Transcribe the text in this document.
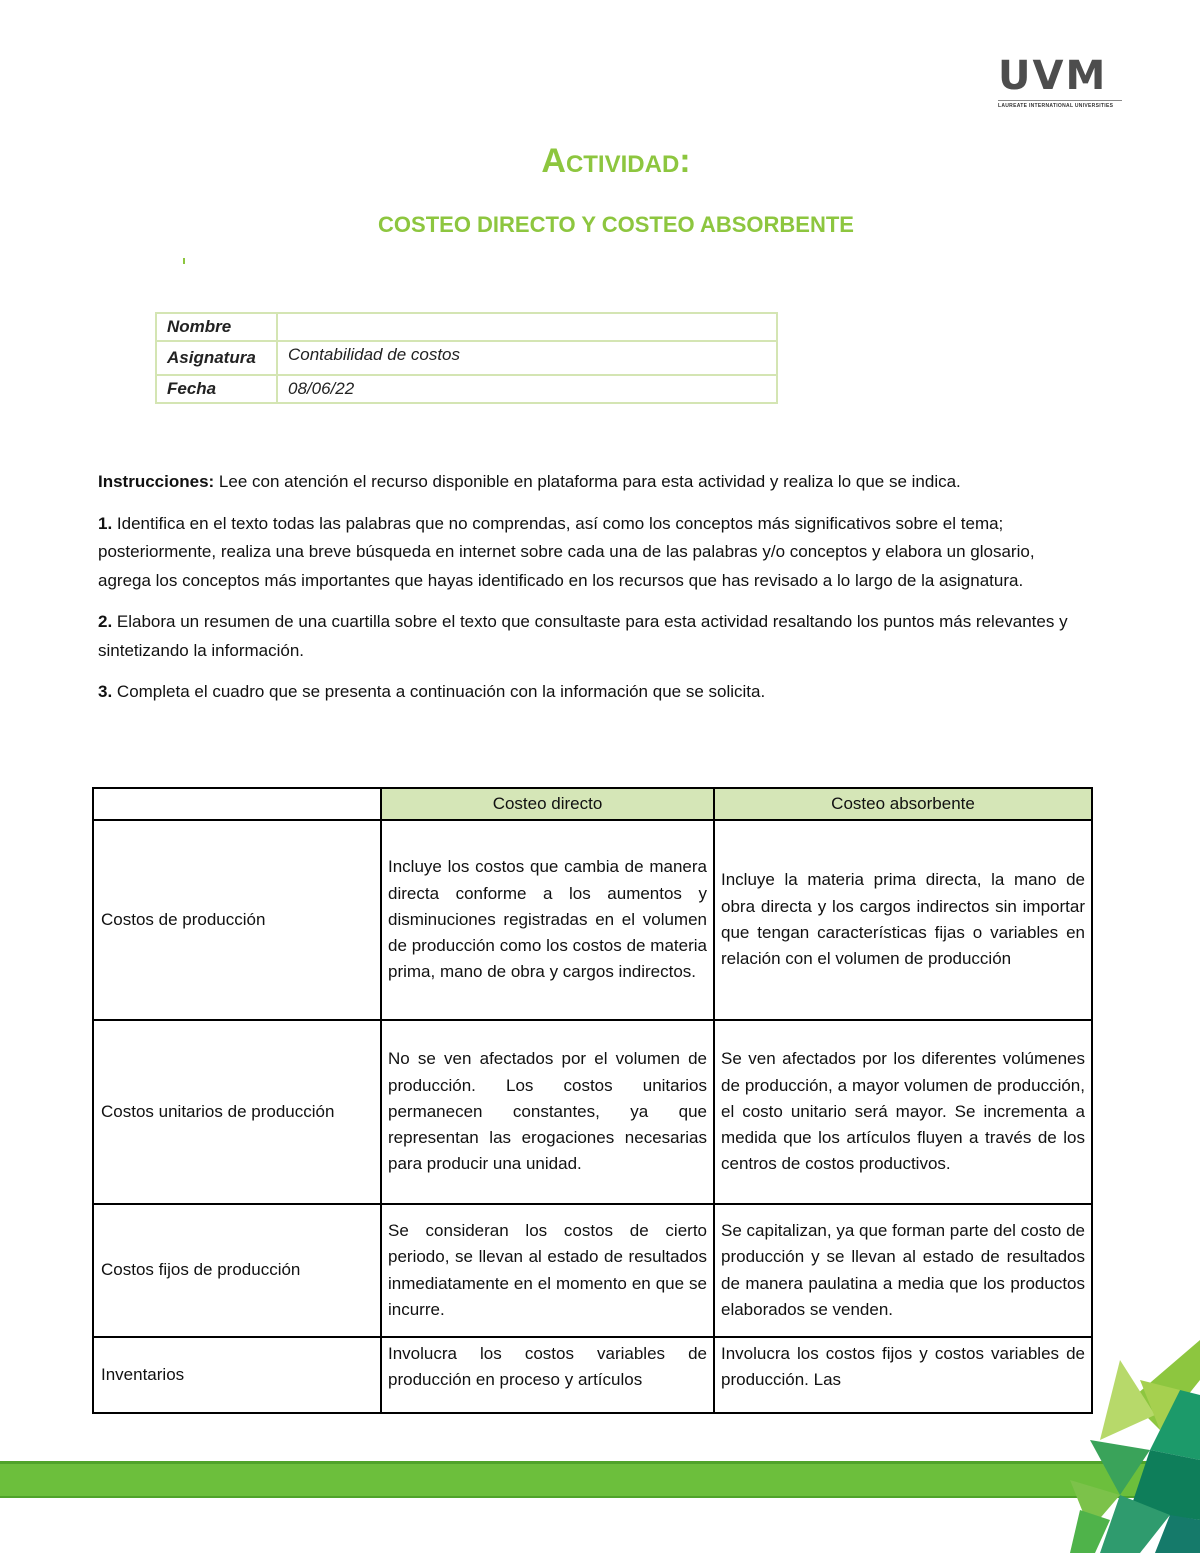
UVM
LAUREATE INTERNATIONAL UNIVERSITIES
Actividad:
COSTEO DIRECTO Y COSTEO ABSORBENTE
Nombre	
Asignatura	Contabilidad de costos
Fecha	08/06/22

Instrucciones: Lee con atención el recurso disponible en plataforma para esta actividad y realiza lo que se indica.

1. Identifica en el texto todas las palabras que no comprendas, así como los conceptos más significativos sobre el tema; posteriormente, realiza una breve búsqueda en internet sobre cada una de las palabras y/o conceptos y elabora un glosario, agrega los conceptos más importantes que hayas identificado en los recursos que has revisado a lo largo de la asignatura.

2. Elabora un resumen de una cuartilla sobre el texto que consultaste para esta actividad resaltando los puntos más relevantes y sintetizando la información.

3. Completa el cuadro que se presenta a continuación con la información que se solicita.

	Costeo directo	Costeo absorbente
Costos de producción	Incluye los costos que cambia de manera directa conforme a los aumentos y disminuciones registradas en el volumen de producción como los costos de materia prima, mano de obra y cargos indirectos.	Incluye la materia prima directa, la mano de obra directa y los cargos indirectos sin importar que tengan características fijas o variables en relación con el volumen de producción
Costos unitarios de producción	No se ven afectados por el volumen de producción. Los costos unitarios permanecen constantes, ya que representan las erogaciones necesarias para producir una unidad.	Se ven afectados por los diferentes volúmenes de producción, a mayor volumen de producción, el costo unitario será mayor. Se incrementa a medida que los artículos fluyen a través de los centros de costos productivos.
Costos fijos de producción	Se consideran los costos de cierto periodo, se llevan al estado de resultados inmediatamente en el momento en que se incurre.	Se capitalizan, ya que forman parte del costo de producción y se llevan al estado de resultados de manera paulatina a media que los productos elaborados se venden.
Inventarios	Involucra los costos variables de producción en proceso y artículos	Involucra los costos fijos y costos variables de producción. Las
